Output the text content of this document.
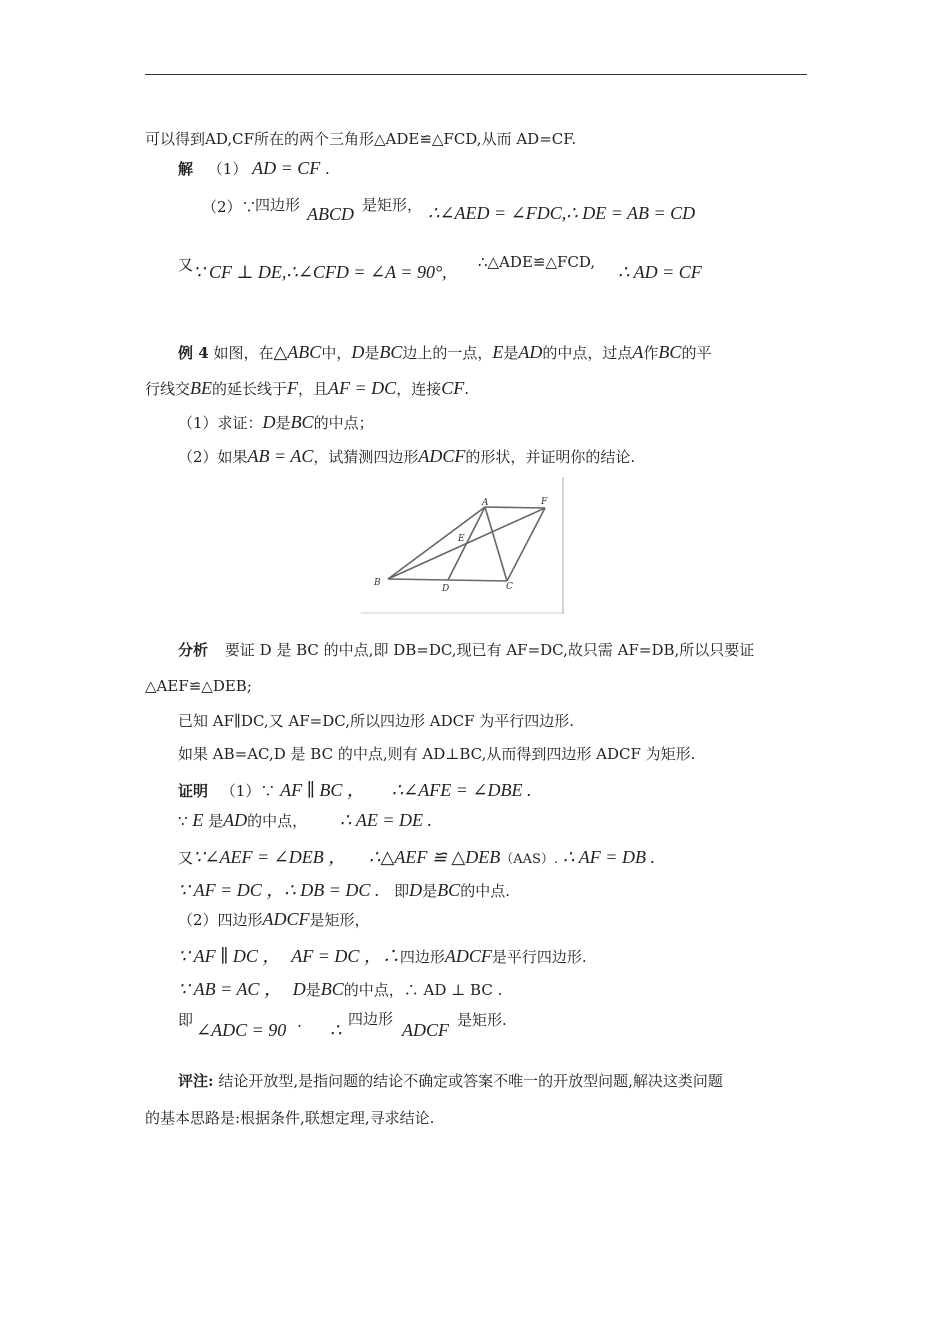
可以得到AD,CF所在的两个三角形△ADE≌△FCD,从而 AD=CF.
解 （1） AD = CF .
（2）∵
四边形 ABCD 是矩形， ∴∠AED = ∠FDC,∴ DE = AB = CD
又 ∵ CF ⊥ DE,∴∠CFD = ∠A = 90°, ∴△ADE≌△FCD, ∴ AD = CF
例 4 如图，在△ABC中，D是BC边上的一点，E是AD的中点，过点A作BC的平
行线交BE的延长线于F，且AF = DC，连接CF.
（1）求证：D是BC的中点；
（2）如果AB = AC，试猜测四边形ADCF的形状，并证明你的结论.
A	F
E
B
D	C
分析 要证 D 是 BC 的中点,即 DB=DC,现已有 AF=DC,故只需 AF=DB,所以只要证
△AEF≌△DEB;
已知 AF∥DC,又 AF=DC,所以四边形 ADCF 为平行四边形.
如果 AB=AC,D 是 BC 的中点,则有 AD⊥BC,从而得到四边形 ADCF 为矩形.
证明 （1）∵ AF ∥ BC ， ∴∠AFE = ∠DBE .
∵ E 是AD的中点， ∴ AE = DE .
又∵∠AEF = ∠DEB ， ∴△AEF ≌ △DEB（AAS）. ∴ AF = DB .
∵ AF = DC ，∴ DB = DC . 即D是BC的中点.
（2）四边形ADCF是矩形，
∵ AF ∥ DC ， AF = DC ，∴四边形ADCF是平行四边形.
∵ AB = AC ， D是BC的中点，∴ AD ⊥ BC .
即 ∠ADC = 90 . ∴
四边形
ADCF 是矩形.
评注: 结论开放型,是指问题的结论不确定或答案不唯一的开放型问题,解决这类问题
的基本思路是:根据条件,联想定理,寻求结论.
